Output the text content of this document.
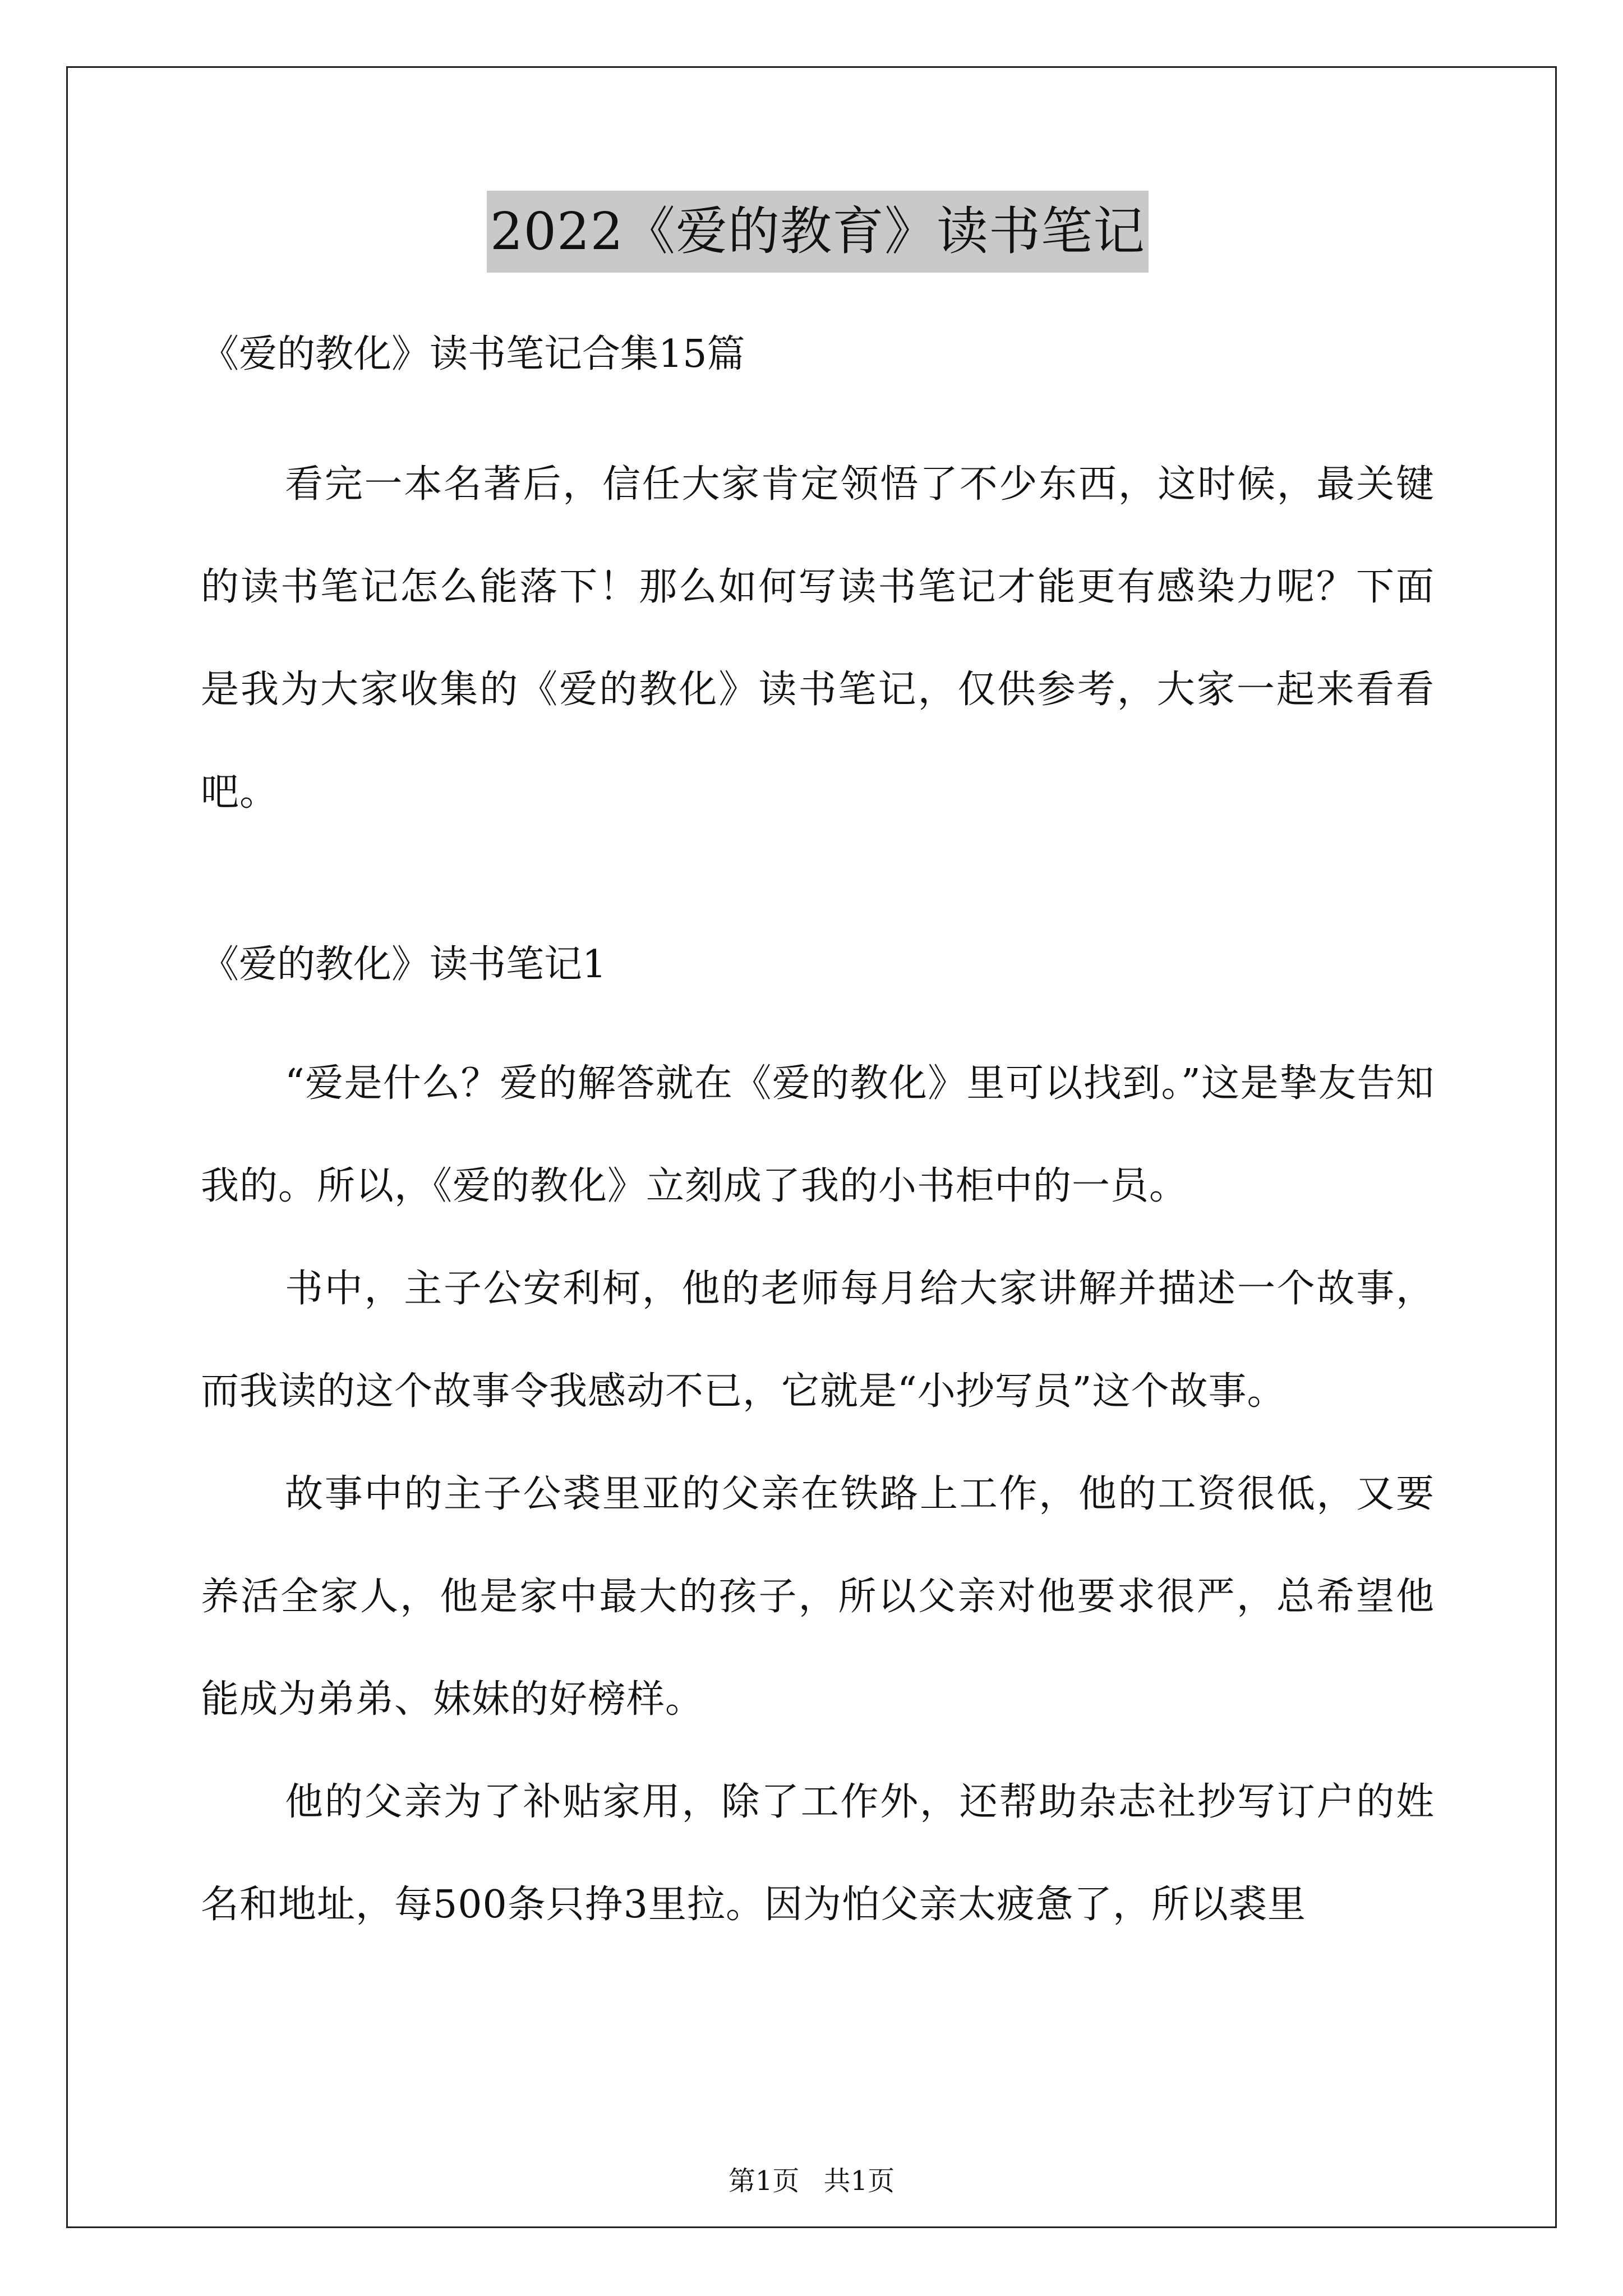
2022《爱的教育》读书笔记

《爱的教化》读书笔记合集15篇

看完一本名著后，信任大家肯定领悟了不少东西，这时候，最关键的读书笔记怎么能落下！那么如何写读书笔记才能更有感染力呢？下面是我为大家收集的《爱的教化》读书笔记，仅供参考，大家一起来看看吧。

《爱的教化》读书笔记1

“爱是什么？爱的解答就在《爱的教化》里可以找到。”这是挚友告知我的。所以，《爱的教化》立刻成了我的小书柜中的一员。

书中，主子公安利柯，他的老师每月给大家讲解并描述一个故事，而我读的这个故事令我感动不已，它就是“小抄写员”这个故事。

故事中的主子公裘里亚的父亲在铁路上工作，他的工资很低，又要养活全家人，他是家中最大的孩子，所以父亲对他要求很严，总希望他能成为弟弟、妹妹的好榜样。

他的父亲为了补贴家用，除了工作外，还帮助杂志社抄写订户的姓名和地址，每500条只挣3里拉。因为怕父亲太疲惫了，所以裘里

第1页 共1页
